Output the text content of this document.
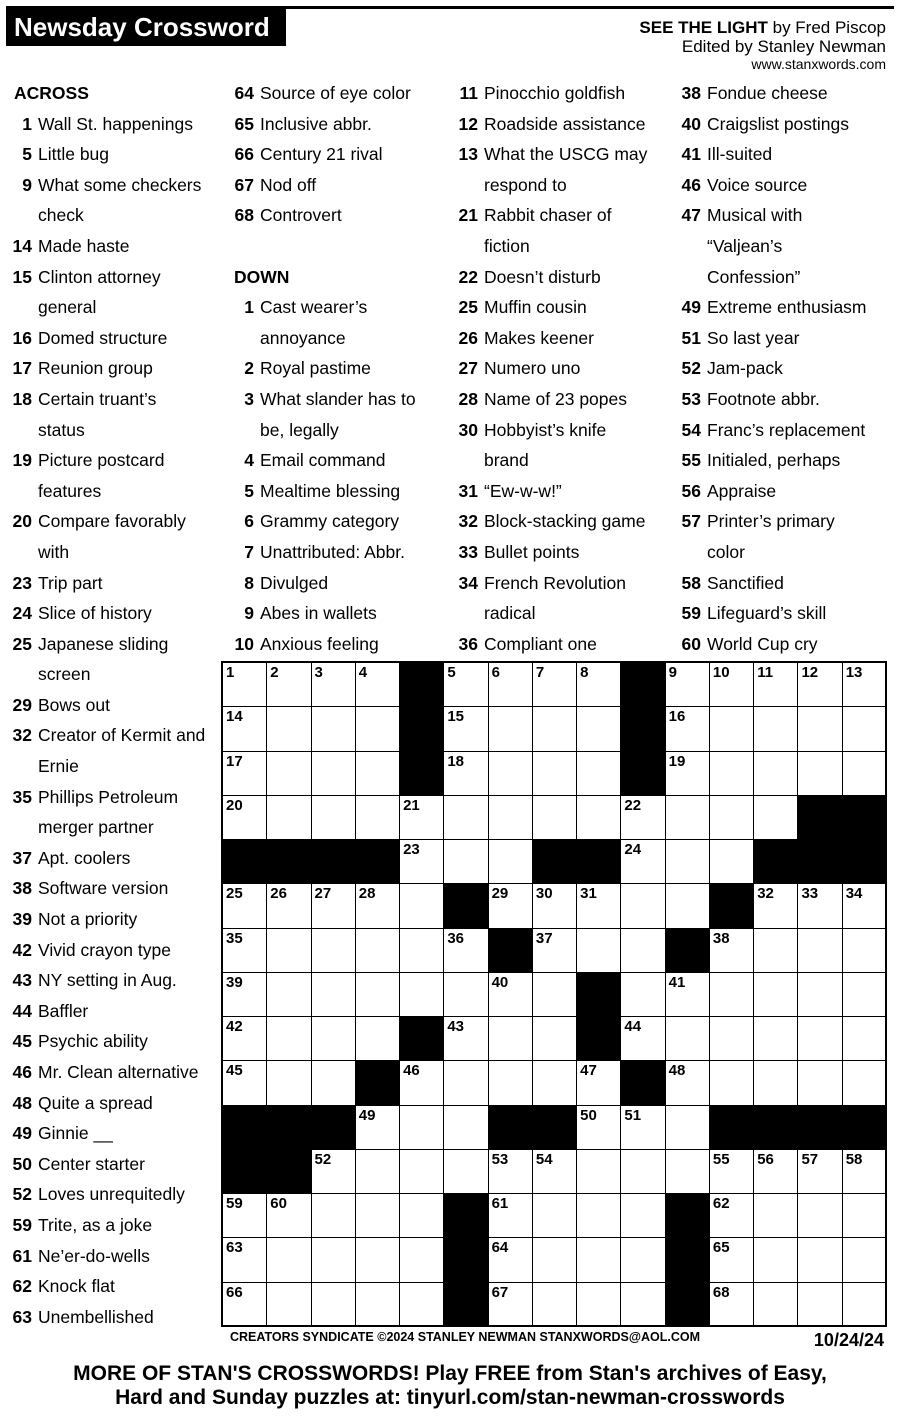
Newsday Crossword	SEE THE LIGHT by Fred Piscop
Edited by Stanley Newman
www.stanxwords.com
ACROSS
1 Wall St. happenings
5 Little bug
9 What some checkers
check
14 Made haste
15 Clinton attorney
general
16 Domed structure
17 Reunion group
18 Certain truant’s
status
19 Picture postcard
features
20 Compare favorably
with
23 Trip part
24 Slice of history
25 Japanese sliding
screen
29 Bows out
32 Creator of Kermit and
Ernie
35 Phillips Petroleum
merger partner
37 Apt. coolers
38 Software version
39 Not a priority
42 Vivid crayon type
43 NY setting in Aug.
44 Baffler
45 Psychic ability
46 Mr. Clean alternative
48 Quite a spread
49 Ginnie __
50 Center starter
52 Loves unrequitedly
59 Trite, as a joke
61 Ne’er-do-wells
62 Knock flat
63 Unembellished
64 Source of eye color
65 Inclusive abbr.
66 Century 21 rival
67 Nod off
68 Controvert
DOWN
1 Cast wearer’s
annoyance
2 Royal pastime
3 What slander has to
be, legally
4 Email command
5 Mealtime blessing
6 Grammy category
7 Unattributed: Abbr.
8 Divulged
9 Abes in wallets
10 Anxious feeling
11 Pinocchio goldfish
12 Roadside assistance
13 What the USCG may
respond to
21 Rabbit chaser of
fiction
22 Doesn’t disturb
25 Muffin cousin
26 Makes keener
27 Numero uno
28 Name of 23 popes
30 Hobbyist’s knife
brand
31 “Ew-w-w!”
32 Block-stacking game
33 Bullet points
34 French Revolution
radical
36 Compliant one
38 Fondue cheese
40 Craigslist postings
41 Ill-suited
46 Voice source
47 Musical with
“Valjean’s
Confession”
49 Extreme enthusiasm
51 So last year
52 Jam-pack
53 Footnote abbr.
54 Franc’s replacement
55 Initialed, perhaps
56 Appraise
57 Printer’s primary
color
58 Sanctified
59 Lifeguard’s skill
60 World Cup cry
1 2 3 4	5 6 7 8	9 10 11 12 13
14	15	16
17	18	19
20	21	22
23	24
25 26 27 28	29 30 31	32 33 34
35	36	37	38
39	40	41
42	43	44
45	46	47	48
49	50 51
52	53 54	55 56 57 58
59 60	61	62
63	64	65
66	67	68
CREATORS SYNDICATE ©2024 STANLEY NEWMAN STANXWORDS@AOL.COM	10/24/24
MORE OF STAN'S CROSSWORDS! Play FREE from Stan's archives of Easy,
Hard and Sunday puzzles at: tinyurl.com/stan-newman-crosswords
